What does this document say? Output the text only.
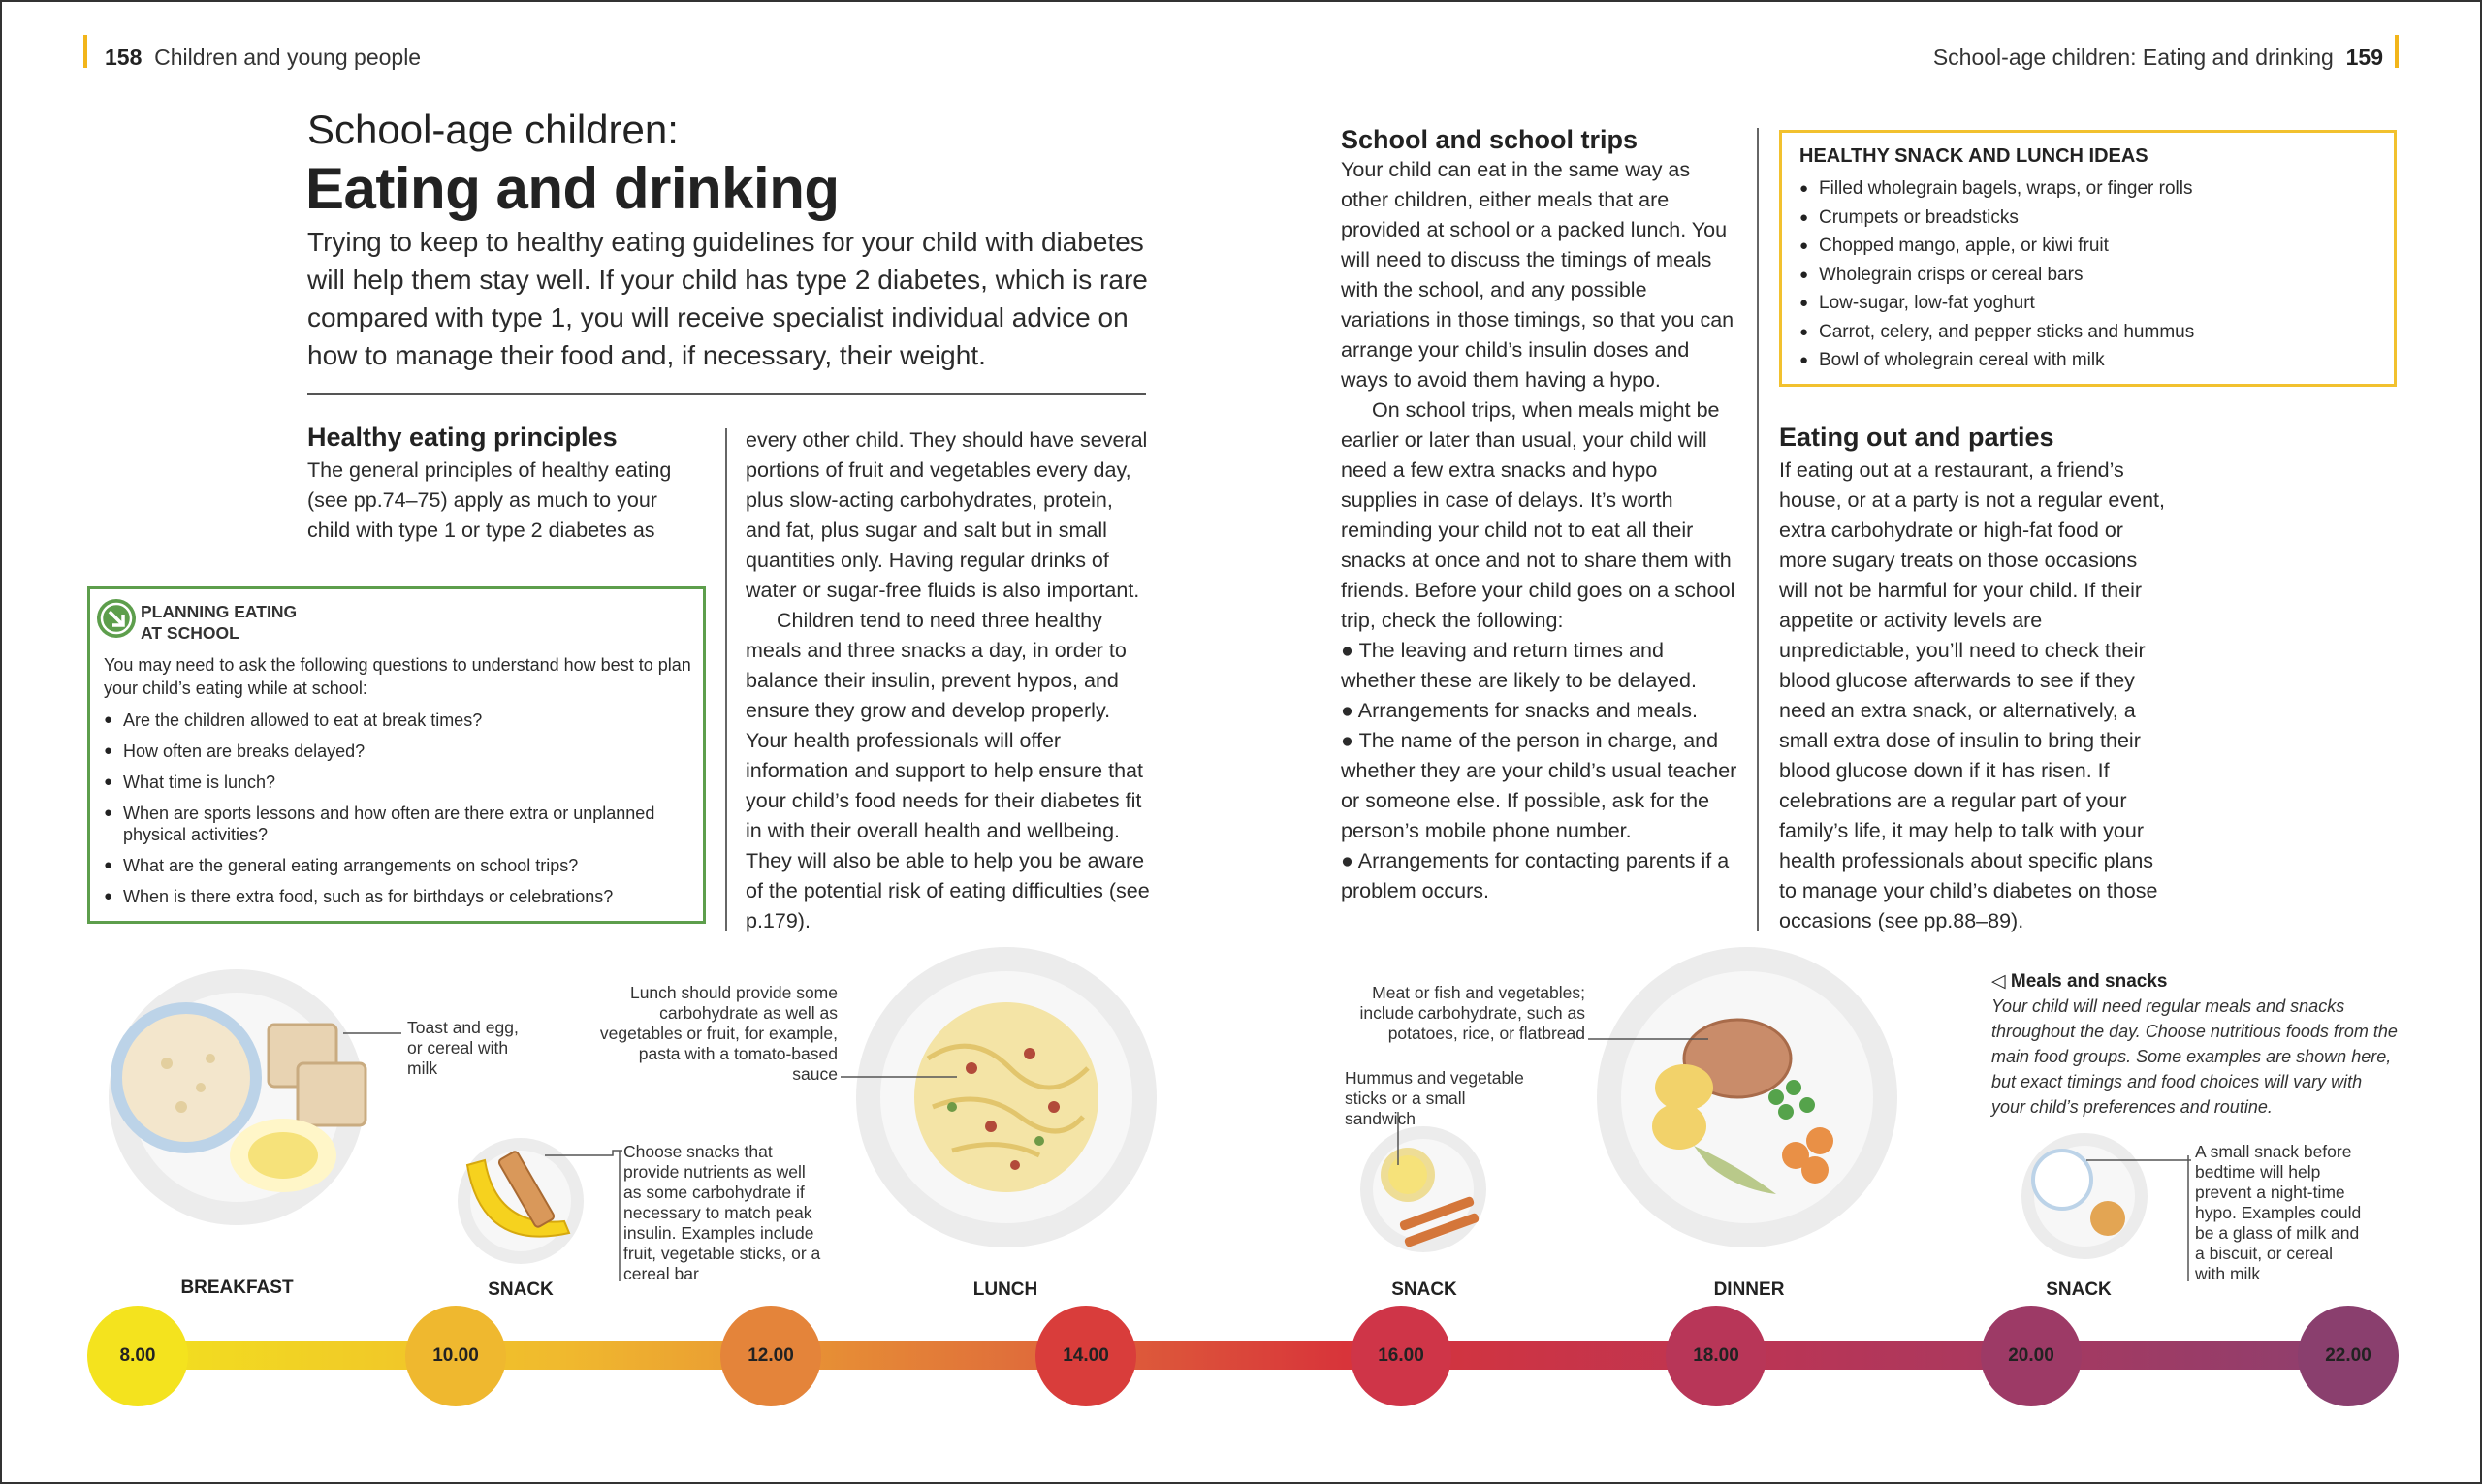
158 Children and young people	School-age children: Eating and drinking 159
School-age children:
Eating and drinking
Trying to keep to healthy eating guidelines for your child with diabetes will help them stay well. If your child has type 2 diabetes, which is rare compared with type 1, you will receive specialist individual advice on how to manage their food and, if necessary, their weight.
Healthy eating principles
The general principles of healthy eating (see pp.74–75) apply as much to your child with type 1 or type 2 diabetes as

every other child. They should have several portions of fruit and vegetables every day, plus slow-acting carbohydrates, protein, and fat, plus sugar and salt but in small quantities only. Having regular drinks of water or sugar-free fluids is also important.

Children tend to need three healthy meals and three snacks a day, in order to balance their insulin, prevent hypos, and ensure they grow and develop properly. Your health professionals will offer information and support to help ensure that your child’s food needs for their diabetes fit in with their overall health and wellbeing. They will also be able to help you be aware of the potential risk of eating difficulties (see p.179).

PLANNING EATING
AT SCHOOL
You may need to ask the following questions to understand how best to plan your child’s eating while at school:
● Are the children allowed to eat at break times?
● How often are breaks delayed?
● What time is lunch?
● When are sports lessons and how often are there extra or unplanned physical activities?
● What are the general eating arrangements on school trips?
● When is there extra food, such as for birthdays or celebrations?
School and school trips

Your child can eat in the same way as other children, either meals that are provided at school or a packed lunch. You will need to discuss the timings of meals with the school, and any possible variations in those timings, so that you can arrange your child’s insulin doses and ways to avoid them having a hypo.

On school trips, when meals might be earlier or later than usual, your child will need a few extra snacks and hypo supplies in case of delays. It’s worth reminding your child not to eat all their snacks at once and not to share them with friends. Before your child goes on a school trip, check the following:

● The leaving and return times and whether these are likely to be delayed.
● Arrangements for snacks and meals.
● The name of the person in charge, and whether they are your child’s usual teacher or someone else. If possible, ask for the person’s mobile phone number.
● Arrangements for contacting parents if a problem occurs.
HEALTHY SNACK AND LUNCH IDEAS
● Filled wholegrain bagels, wraps, or finger rolls
● Crumpets or breadsticks
● Chopped mango, apple, or kiwi fruit
● Wholegrain crisps or cereal bars
● Low-sugar, low-fat yoghurt
● Carrot, celery, and pepper sticks and hummus
● Bowl of wholegrain cereal with milk
Eating out and parties
If eating out at a restaurant, a friend’s house, or at a party is not a regular event, extra carbohydrate or high-fat food or more sugary treats on those occasions will not be harmful for your child. If their appetite or activity levels are unpredictable, you’ll need to check their blood glucose afterwards to see if they need an extra snack, or alternatively, a small extra dose of insulin to bring their blood glucose down if it has risen. If celebrations are a regular part of your family’s life, it may help to talk with your health professionals about specific plans to manage your child’s diabetes on those occasions (see pp.88–89).
Toast and egg, or cereal with milk
Choose snacks that provide nutrients as well as some carbohydrate if necessary to match peak insulin. Examples include fruit, vegetable sticks, or a cereal bar
Lunch should provide some carbohydrate as well as vegetables or fruit, for example, pasta with a tomato-based sauce	Hummus and vegetable sticks or a small sandwich
Meat or fish and vegetables; include carbohydrate, such as potatoes, rice, or flatbread
A small snack before bedtime will help prevent a night-time hypo. Examples could be a glass of milk and a biscuit, or cereal with milk
◁ Meals and snacks
Your child will need regular meals and snacks throughout the day. Choose nutritious foods from the main food groups. Some examples are shown here, but exact timings and food choices will vary with your child’s preferences and routine.
BREAKFAST	SNACK	LUNCH	SNACK	DINNER	SNACK
8.00	10.00	12.00	14.00	16.00	18.00	20.00	22.00
